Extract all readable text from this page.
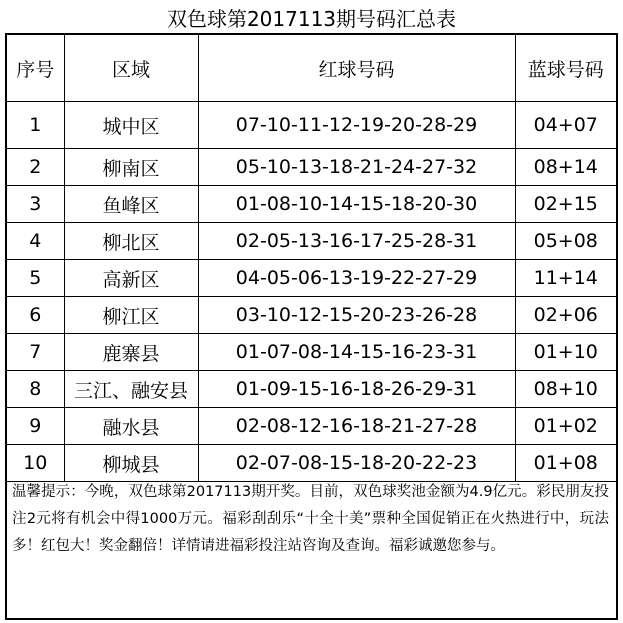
双色球第2017113期号码汇总表
序号	区域	红球号码	蓝球号码
1	城中区	07-10-11-12-19-20-28-29	04+07
2	柳南区	05-10-13-18-21-24-27-32	08+14
3	鱼峰区	01-08-10-14-15-18-20-30	02+15
4	柳北区	02-05-13-16-17-25-28-31	05+08
5	高新区	04-05-06-13-19-22-27-29	11+14
6	柳江区	03-10-12-15-20-23-26-28	02+06
7	鹿寨县	01-07-08-14-15-16-23-31	01+10
8	三江、融安县	01-09-15-16-18-26-29-31	08+10
9	融水县	02-08-12-16-18-21-27-28	01+02
10	柳城县	02-07-08-15-18-20-22-23	01+08
温馨提示：今晚，双色球第2017113期开奖。目前，双色球奖池金额为4.9亿元。彩民朋友投注2元将有机会中得1000万元。福彩刮刮乐“十全十美”票种全国促销正在火热进行中，玩法多！红包大！奖金翻倍！详情请进福彩投注站咨询及查询。福彩诚邀您参与。
